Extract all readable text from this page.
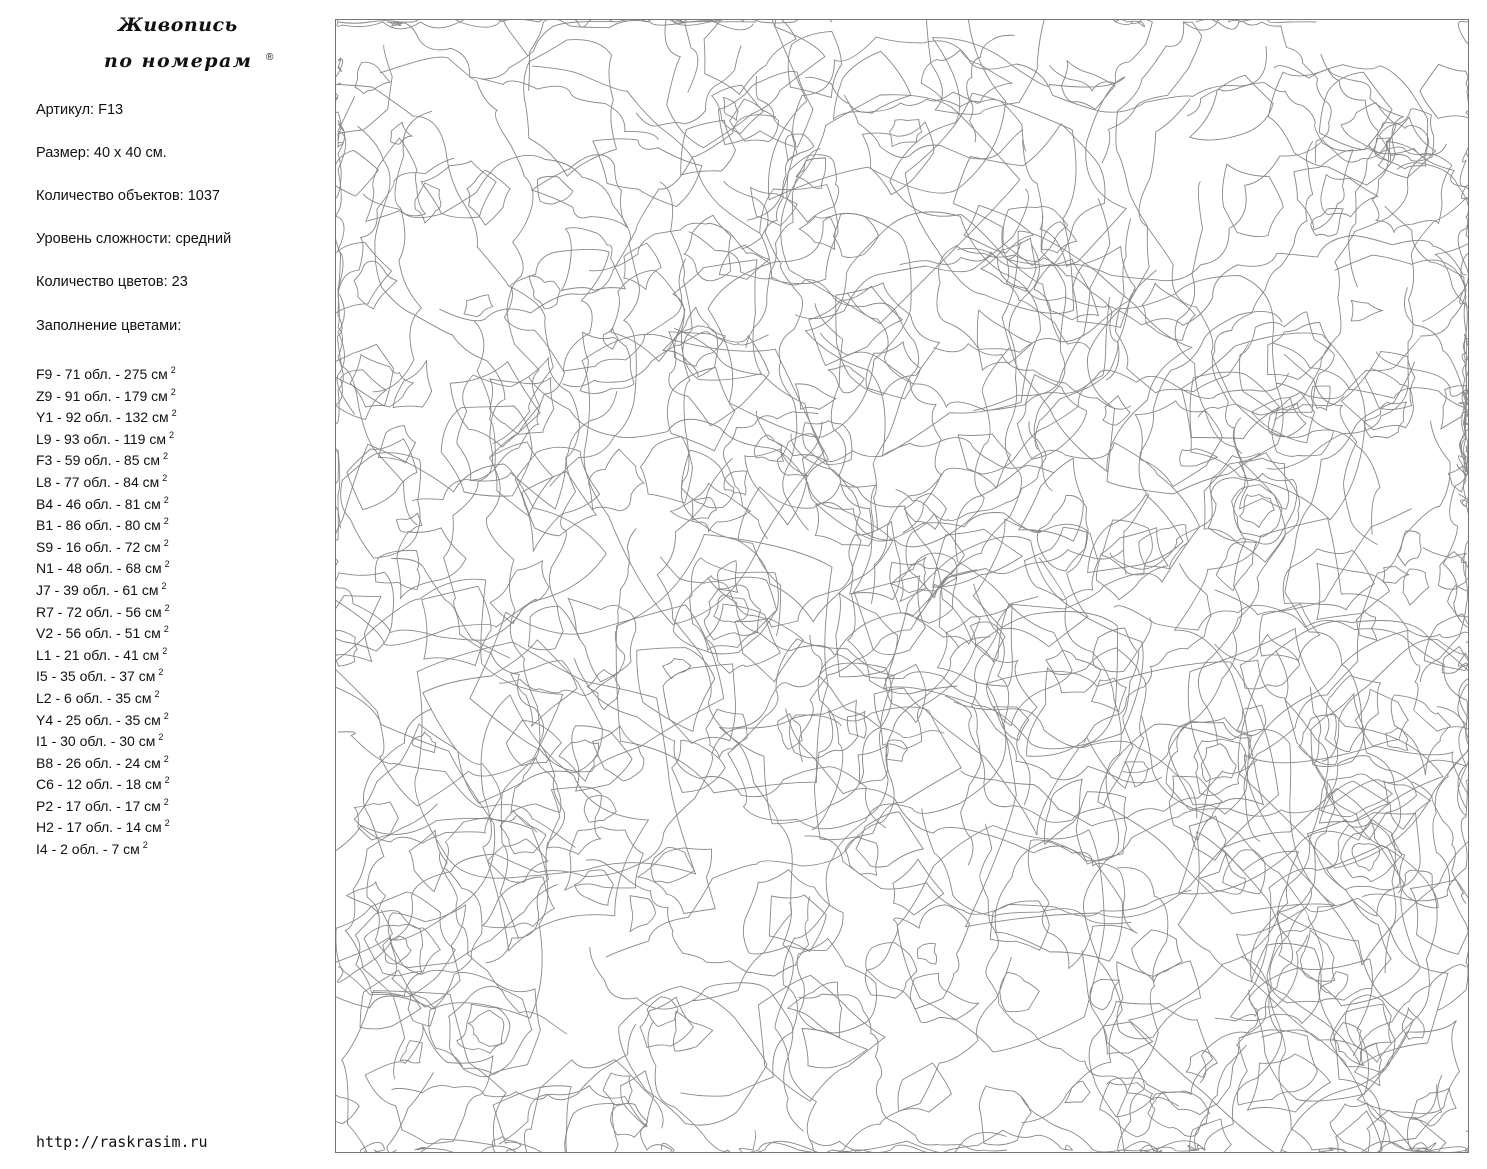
Живопись
по номерам ®
Артикул: F13
Размер: 40 х 40 см.
Количество объектов: 1037
Уровень сложности: средний
Количество цветов: 23
Заполнение цветами:
F9 - 71 обл. - 275 см $^2$
Z9 - 91 обл. - 179 см $^2$
Y1 - 92 обл. - 132 см $^2$
L9 - 93 обл. - 119 см $^2$
F3 - 59 обл. - 85 см $^2$
L8 - 77 обл. - 84 см $^2$
B4 - 46 обл. - 81 см $^2$
B1 - 86 обл. - 80 см $^2$
S9 - 16 обл. - 72 см $^2$
N1 - 48 обл. - 68 см $^2$
J7 - 39 обл. - 61 см $^2$
R7 - 72 обл. - 56 см $^2$
V2 - 56 обл. - 51 см $^2$
L1 - 21 обл. - 41 см $^2$
I5 - 35 обл. - 37 см $^2$
L2 - 6 обл. - 35 см $^2$
Y4 - 25 обл. - 35 см $^2$
I1 - 30 обл. - 30 см $^2$
B8 - 26 обл. - 24 см $^2$
C6 - 12 обл. - 18 см $^2$
P2 - 17 обл. - 17 см $^2$
H2 - 17 обл. - 14 см $^2$
I4 - 2 обл. - 7 см $^2$
http://raskrasim.ru
